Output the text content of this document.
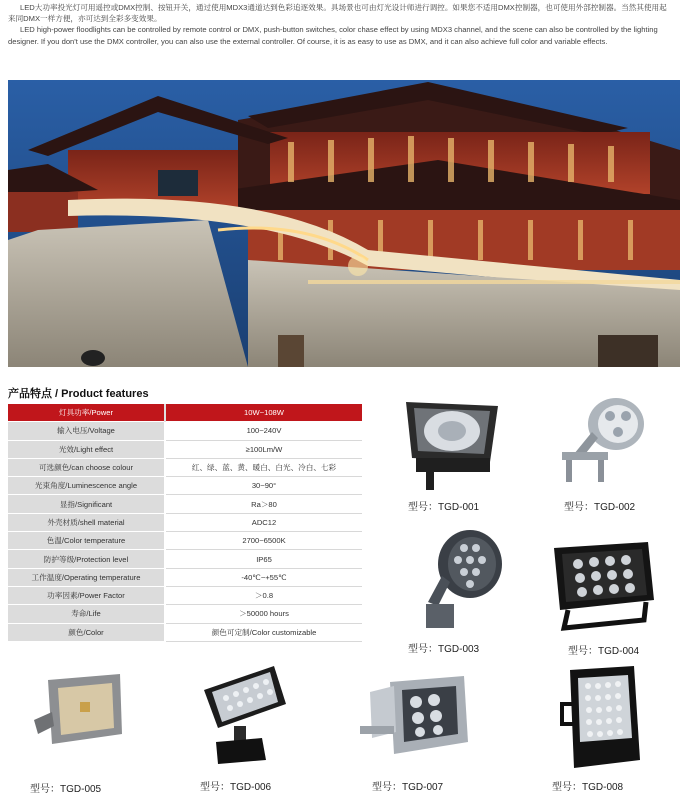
LED大功率投光灯可用遥控或DMX控制、按钮开关，通过使用MDX3通道达到色彩追逐效果。具场景也可由灯光设计师进行调控。如果您不适用DMX控制器，也可使用外部控制器。当然其使用起来同DMX一样方便，亦可达到全彩多变效果。

LED high-power floodlights can be controlled by remote control or DMX, push-button switches, color chase effect by using MDX3 channel, and the scene can also be controlled by the lighting designer. If you don't use the DMX controller, you can also use the external controller. Of course, it is as easy to use as DMX, and it can also achieve full color and variable effects.

产品特点 / Product features
灯具功率/Power	10W~108W
输入电压/Voltage	100~240V
光效/Light effect	≥100Lm/W
可选颜色/can choose colour	红、绿、蓝、黄、暖白、白光、冷白、七彩
光束角度/Luminescence angle	30~90°
显指/Significant	Ra＞80
外壳材质/shell material	ADC12
色温/Color temperature	2700~6500K
防护等级/Protection level	IP65
工作温度/Operating temperature	-40℃~+55℃
功率因素/Power Factor	＞0.8
寿命/Life	＞50000 hours
颜色/Color	颜色可定制/Color customizable
型号：TGD-001	型号：TGD-002
型号：TGD-003	型号：TGD-004
型号：TGD-005	型号：TGD-006	型号：TGD-007	型号：TGD-008
